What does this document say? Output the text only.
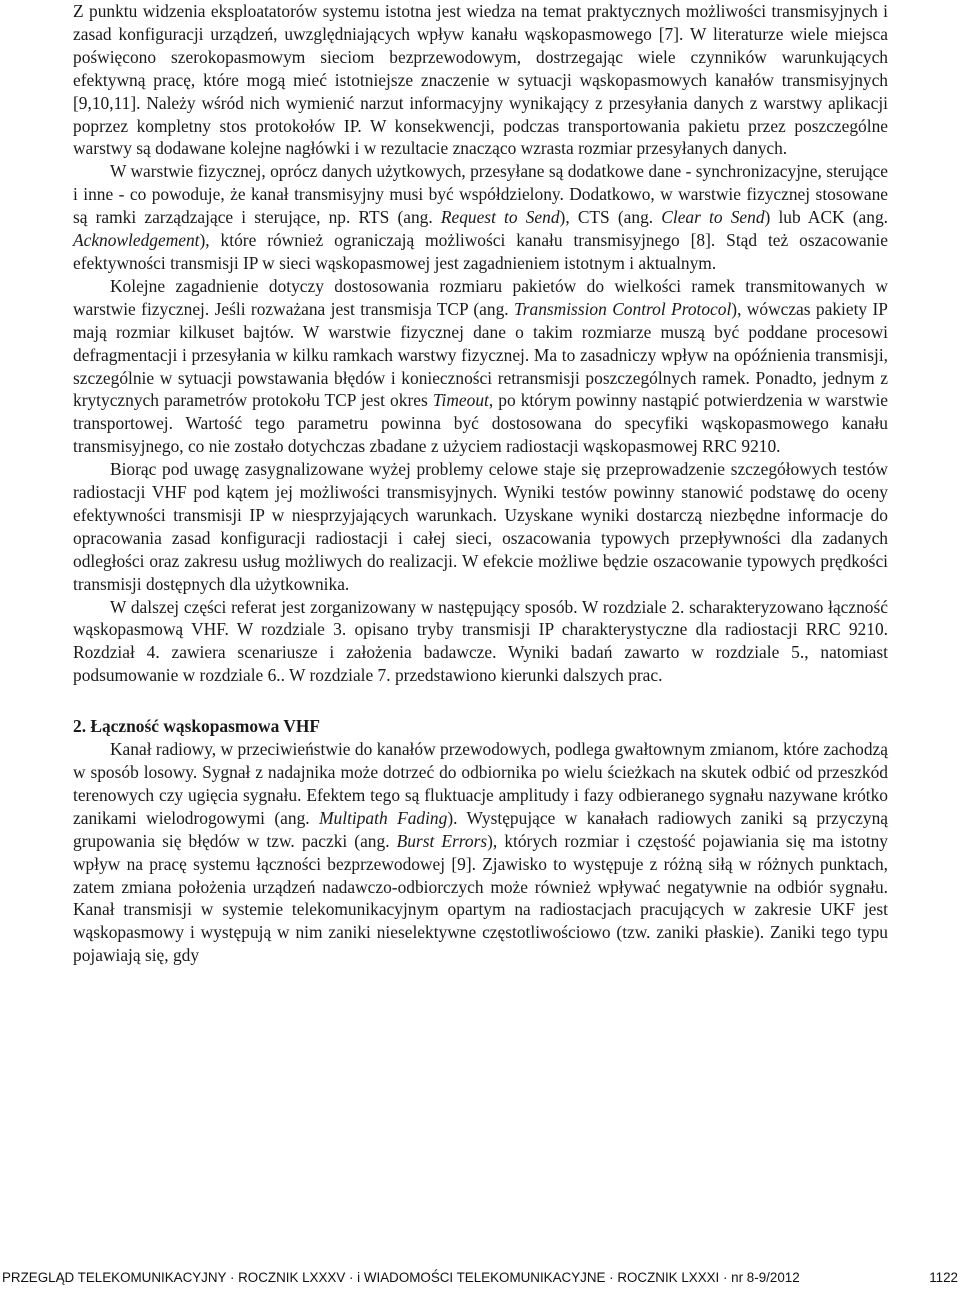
Z punktu widzenia eksploatatorów systemu istotna jest wiedza na temat praktycznych możliwości transmisyjnych i zasad konfiguracji urządzeń, uwzględniających wpływ kanału wąskopasmowego [7]. W literaturze wiele miejsca poświęcono szerokopasmowym sieciom bezprzewodowym, dostrzegając wiele czynników warunkujących efektywną pracę, które mogą mieć istotniejsze znaczenie w sytuacji wąskopasmowych kanałów transmisyjnych [9,10,11]. Należy wśród nich wymienić narzut informacyjny wynikający z przesyłania danych z warstwy aplikacji poprzez kompletny stos protokołów IP. W konsekwencji, podczas transportowania pakietu przez poszczególne warstwy są dodawane kolejne nagłówki i w rezultacie znacząco wzrasta rozmiar przesyłanych danych.

W warstwie fizycznej, oprócz danych użytkowych, przesyłane są dodatkowe dane - synchronizacyjne, sterujące i inne - co powoduje, że kanał transmisyjny musi być współdzielony. Dodatkowo, w warstwie fizycznej stosowane są ramki zarządzające i sterujące, np. RTS (ang. Request to Send), CTS (ang. Clear to Send) lub ACK (ang. Acknowledgement), które również ograniczają możliwości kanału transmisyjnego [8]. Stąd też oszacowanie efektywności transmisji IP w sieci wąskopasmowej jest zagadnieniem istotnym i aktualnym.

Kolejne zagadnienie dotyczy dostosowania rozmiaru pakietów do wielkości ramek transmitowanych w warstwie fizycznej. Jeśli rozważana jest transmisja TCP (ang. Transmission Control Protocol), wówczas pakiety IP mają rozmiar kilkuset bajtów. W warstwie fizycznej dane o takim rozmiarze muszą być poddane procesowi defragmentacji i przesyłania w kilku ramkach warstwy fizycznej. Ma to zasadniczy wpływ na opóźnienia transmisji, szczególnie w sytuacji powstawania błędów i konieczności retransmisji poszczególnych ramek. Ponadto, jednym z krytycznych parametrów protokołu TCP jest okres Timeout, po którym powinny nastąpić potwierdzenia w warstwie transportowej. Wartość tego parametru powinna być dostosowana do specyfiki wąskopasmowego kanału transmisyjnego, co nie zostało dotychczas zbadane z użyciem radiostacji wąskopasmowej RRC 9210.

Biorąc pod uwagę zasygnalizowane wyżej problemy celowe staje się przeprowadzenie szczegółowych testów radiostacji VHF pod kątem jej możliwości transmisyjnych. Wyniki testów powinny stanowić podstawę do oceny efektywności transmisji IP w niesprzyjających warunkach. Uzyskane wyniki dostarczą niezbędne informacje do opracowania zasad konfiguracji radiostacji i całej sieci, oszacowania typowych przepływności dla zadanych odległości oraz zakresu usług możliwych do realizacji. W efekcie możliwe będzie oszacowanie typowych prędkości transmisji dostępnych dla użytkownika.

W dalszej części referat jest zorganizowany w następujący sposób. W rozdziale 2. scharakteryzowano łączność wąskopasmową VHF. W rozdziale 3. opisano tryby transmisji IP charakterystyczne dla radiostacji RRC 9210. Rozdział 4. zawiera scenariusze i założenia badawcze. Wyniki badań zawarto w rozdziale 5., natomiast podsumowanie w rozdziale 6.. W rozdziale 7. przedstawiono kierunki dalszych prac.

2. Łączność wąskopasmowa VHF

Kanał radiowy, w przeciwieństwie do kanałów przewodowych, podlega gwałtownym zmianom, które zachodzą w sposób losowy. Sygnał z nadajnika może dotrzeć do odbiornika po wielu ścieżkach na skutek odbić od przeszkód terenowych czy ugięcia sygnału. Efektem tego są fluktuacje amplitudy i fazy odbieranego sygnału nazywane krótko zanikami wielodrogowymi (ang. Multipath Fading). Występujące w kanałach radiowych zaniki są przyczyną grupowania się błędów w tzw. paczki (ang. Burst Errors), których rozmiar i częstość pojawiania się ma istotny wpływ na pracę systemu łączności bezprzewodowej [9]. Zjawisko to występuje z różną siłą w różnych punktach, zatem zmiana położenia urządzeń nadawczo-odbiorczych może również wpływać negatywnie na odbiór sygnału. Kanał transmisji w systemie telekomunikacyjnym opartym na radiostacjach pracujących w zakresie UKF jest wąskopasmowy i występują w nim zaniki nieselektywne częstotliwościowo (tzw. zaniki płaskie). Zaniki tego typu pojawiają się, gdy

PRZEGLĄD TELEKOMUNIKACYJNY · ROCZNIK LXXXV · i WIADOMOŚCI TELEKOMUNIKACYJNE · ROCZNIK LXXXI · nr 8-9/2012	1122
